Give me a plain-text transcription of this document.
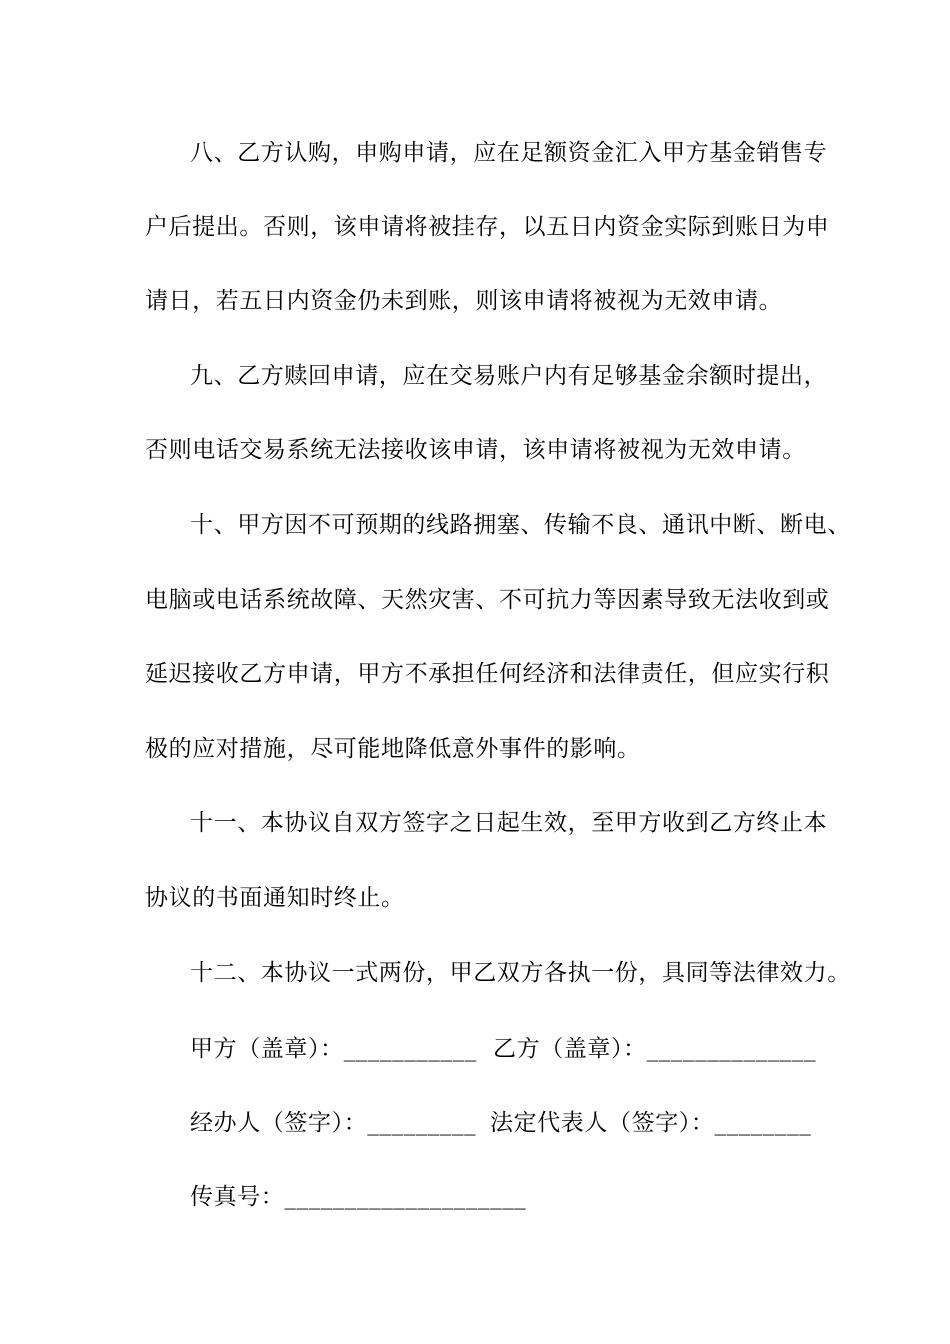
八、乙方认购，申购申请，应在足额资金汇入甲方基金销售专
户后提出。否则，该申请将被挂存，以五日内资金实际到账日为申
请日，若五日内资金仍未到账，则该申请将被视为无效申请。
九、乙方赎回申请，应在交易账户内有足够基金余额时提出，
否则电话交易系统无法接收该申请，该申请将被视为无效申请。
十、甲方因不可预期的线路拥塞、传输不良、通讯中断、断电、
电脑或电话系统故障、天然灾害、不可抗力等因素导致无法收到或
延迟接收乙方申请，甲方不承担任何经济和法律责任，但应实行积
极的应对措施，尽可能地降低意外事件的影响。
十一、本协议自双方签字之日起生效，至甲方收到乙方终止本
协议的书面通知时终止。
十二、本协议一式两份，甲乙双方各执一份，具同等法律效力。
甲方（盖章）：___________ 乙方（盖章）：______________
经办人（签字）：_________ 法定代表人（签字）：________
传真号：____________________
